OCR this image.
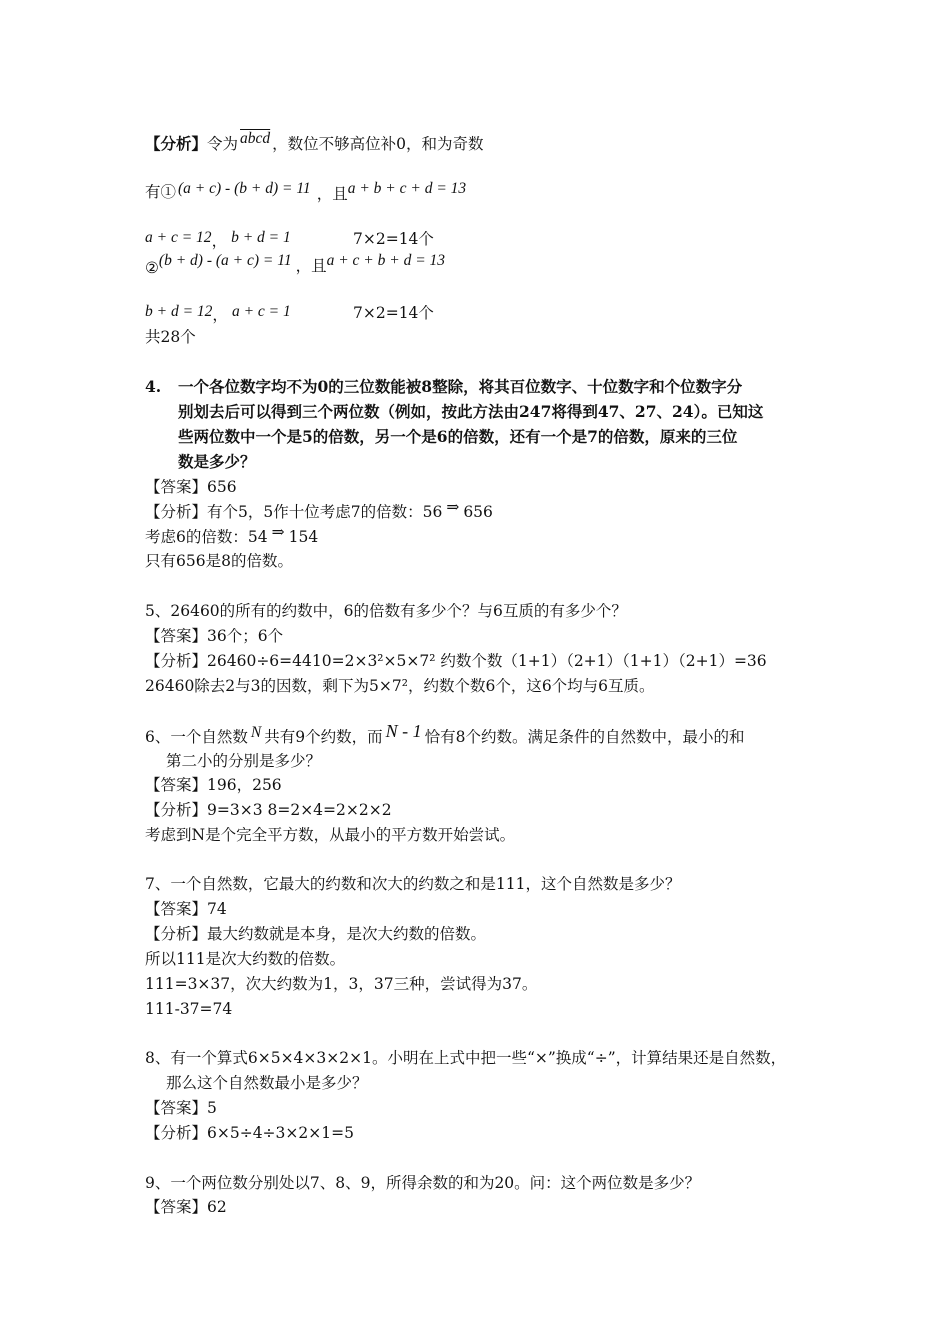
【分析】令为 abcd ，数位不够高位补0，和为奇数
有① (a + c) - (b + d) = 11 ，且a + b + c + d = 13
a + c = 12， b + d = 1	7×2=14个
②(b + d) - (a + c) = 11 ，且a + c + b + d = 13
b + d = 12， a + c = 1	7×2=14个
共28个
4. 一个各位数字均不为0的三位数能被8整除，将其百位数字、十位数字和个位数字分
别划去后可以得到三个两位数（例如，按此方法由247将得到47、27、24）。已知这
些两位数中一个是5的倍数，另一个是6的倍数，还有一个是7的倍数，原来的三位
数是多少？
【答案】656
【分析】有个5，5作十位考虑7的倍数：56 ⇒ 656
考虑6的倍数：54 ⇒ 154
只有656是8的倍数。
5、26460的所有的约数中，6的倍数有多少个？与6互质的有多少个？
【答案】36个；6个
【分析】26460÷6=4410=2×3²×5×7² 约数个数（1+1）（2+1）（1+1）（2+1）=36
26460除去2与3的因数，剩下为5×7²，约数个数6个，这6个均与6互质。
6、一个自然数 N 共有9个约数，而 N - 1 恰有8个约数。满足条件的自然数中，最小的和
第二小的分别是多少？
【答案】196，256
【分析】9=3×3 8=2×4=2×2×2
考虑到N是个完全平方数，从最小的平方数开始尝试。
7、一个自然数，它最大的约数和次大的约数之和是111，这个自然数是多少？
【答案】74
【分析】最大约数就是本身，是次大约数的倍数。
所以111是次大约数的倍数。
111=3×37，次大约数为1，3，37三种，尝试得为37。
111-37=74
8、有一个算式6×5×4×3×2×1。小明在上式中把一些“×”换成“÷”，计算结果还是自然数，
那么这个自然数最小是多少？
【答案】5
【分析】6×5÷4÷3×2×1=5
9、一个两位数分别处以7、8、9，所得余数的和为20。问：这个两位数是多少？
【答案】62
